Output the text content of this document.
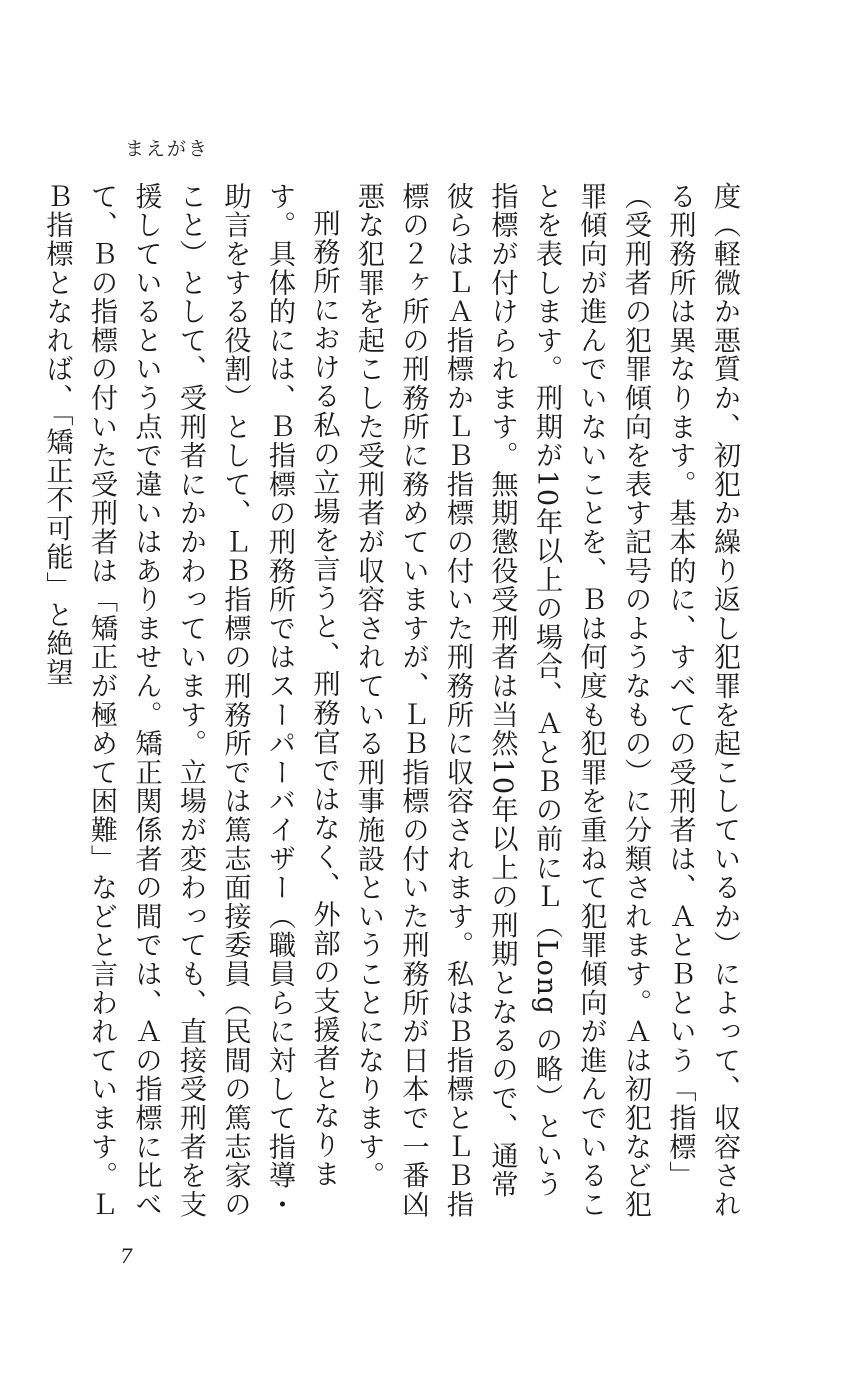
まえがき

度（軽微か悪質か、初犯か繰り返し犯罪を起こしているか）によって、収容される刑務所は異なります。基本的に、すべての受刑者は、ＡとＢという「指標」（受刑者の犯罪傾向を表す記号のようなもの）に分類されます。Ａは初犯など犯罪傾向が進んでいないことを、Ｂは何度も犯罪を重ねて犯罪傾向が進んでいることを表します。刑期が10年以上の場合、ＡとＢの前にＬ（Long の略）という指標が付けられます。無期懲役受刑者は当然10年以上の刑期となるので、通常彼らはＬＡ指標かＬＢ指標の付いた刑務所に収容されます。私はＢ指標とＬＢ指標の２ヶ所の刑務所に務めていますが、ＬＢ指標の付いた刑務所が日本で一番凶悪な犯罪を起こした受刑者が収容されている刑事施設ということになります。

刑務所における私の立場を言うと、刑務官ではなく、外部の支援者となります。具体的には、Ｂ指標の刑務所ではスーパーバイザー（職員らに対して指導・助言をする役割）として、ＬＢ指標の刑務所では篤志面接委員（民間の篤志家のこと）として、受刑者にかかわっています。立場が変わっても、直接受刑者を支援しているという点で違いはありません。矯正関係者の間では、Ａの指標に比べて、Ｂの指標の付いた受刑者は「矯正が極めて困難」などと言われています。ＬＢ指標となれば、「矯正不可能」と絶望

7
